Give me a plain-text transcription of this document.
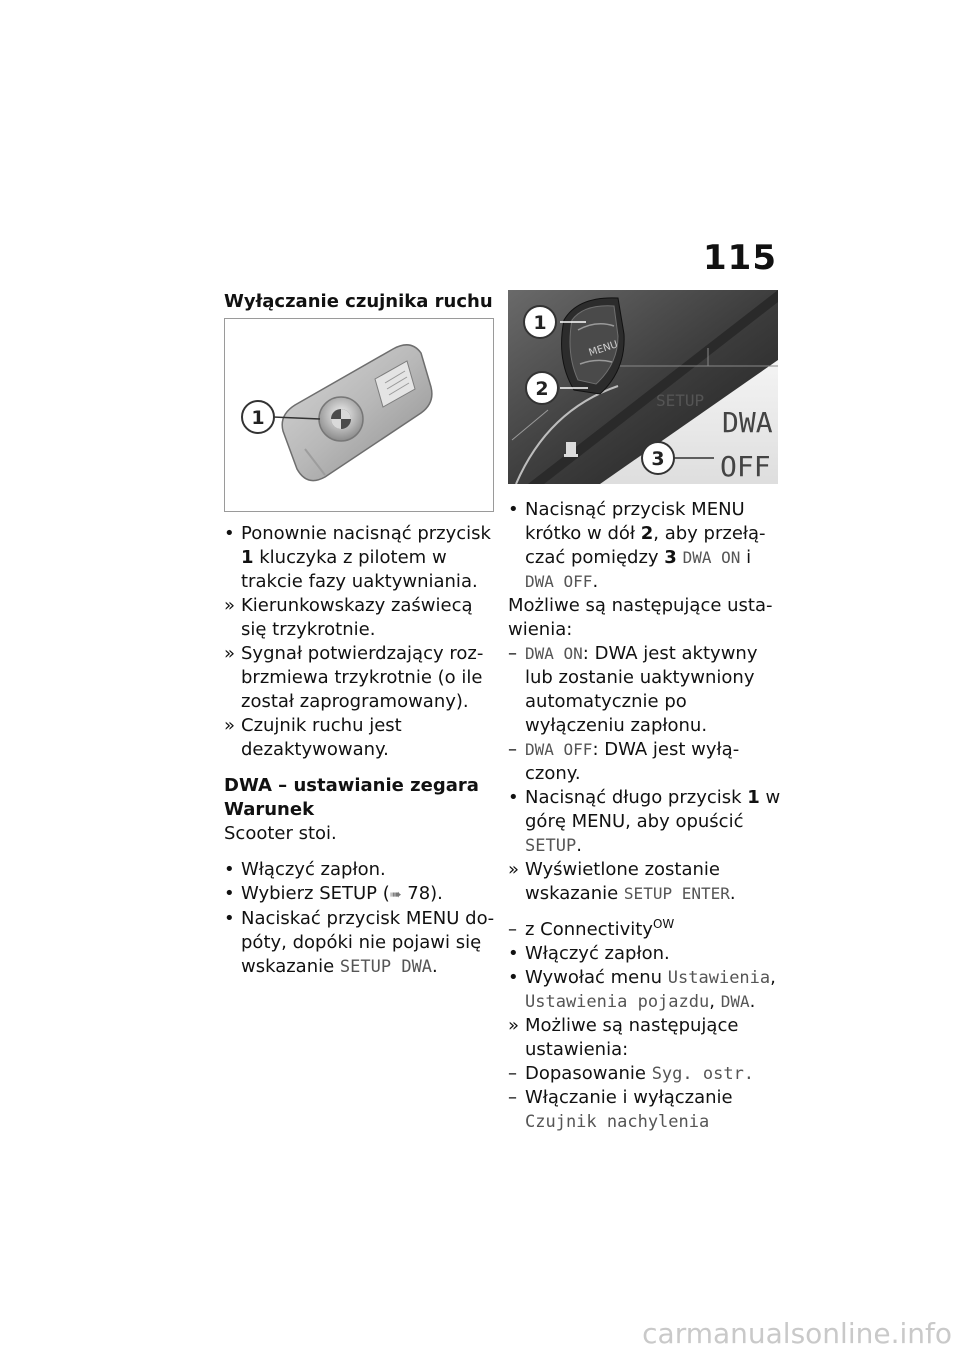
115

Wyłączanie czujnika ruchu

1

• Ponownie nacisnąć przycisk 1 kluczyka z pilotem w trakcie fazy uaktywniania.

» Kierunkowskazy zaświecą się trzykrotnie.

» Sygnał potwierdzający rozbrzmiewa trzykrotnie (o ile został zaprogramowany).

» Czujnik ruchu jest dezaktywowany.

DWA – ustawianie zegara

Warunek

Scooter stoi.

• Włączyć zapłon.

• Wybierz SETUP (➠ 78).

• Naciskać przycisk MENU dopóty, dopóki nie pojawi się wskazanie SETUP DWA.

MENU
SETUP
DWA
OFF
1
2
3

• Nacisnąć przycisk MENU krótko w dół 2, aby przełączać pomiędzy 3 DWA ON i DWA OFF.

Możliwe są następujące ustawienia:

– DWA ON: DWA jest aktywny lub zostanie uaktywniony automatycznie po wyłączeniu zapłonu.

– DWA OFF: DWA jest wyłączony.

• Nacisnąć długo przycisk 1 w górę MENU, aby opuścić SETUP.

» Wyświetlone zostanie wskazanie SETUP ENTER.

– z Connectivity$^{OW}$

• Włączyć zapłon.

• Wywołać menu Ustawienia, Ustawienia pojazdu, DWA.

» Możliwe są następujące ustawienia:

– Dopasowanie Syg. ostr.

– Włączanie i wyłączanie
Czujnik nachylenia

carmanualsonline.info
